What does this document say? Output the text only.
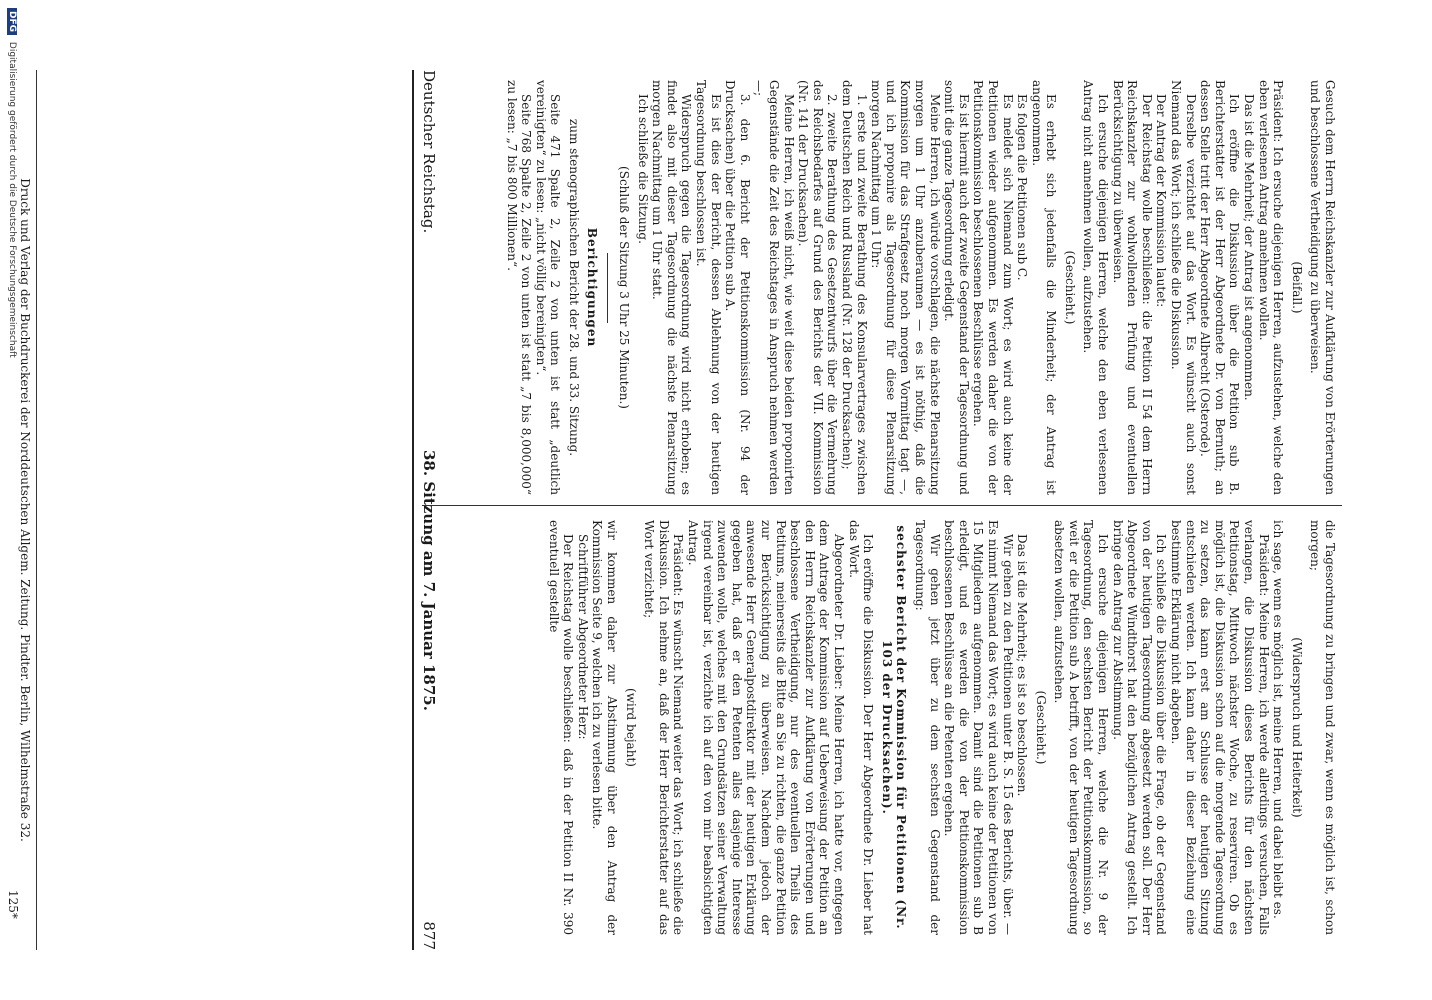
Deutscher Reichstag.
38. Sitzung am 7. Januar 1875.
877

Gesuch dem Herrn Reichskanzler zur Aufklärung von Erörterungen und beschlossene Vertheidigung zu überweisen.

(Beifall.)

Präsident: Ich ersuche diejenigen Herren, aufzustehen, welche den eben verlesenen Antrag annehmen wollen.

Das ist die Mehrheit; der Antrag ist angenommen.

Ich eröffne die Diskussion über die Petition sub B. Berichterstatter ist der Herr Abgeordnete Dr. von Bernuth; an dessen Stelle tritt der Herr Abgeordnete Albrecht (Osterode).

Derselbe verzichtet auf das Wort. Es wünscht auch sonst Niemand das Wort; ich schließe die Diskussion.

Der Antrag der Kommission lautet:

Der Reichstag wolle beschließen: die Petition II 54 dem Herrn Reichskanzler zur wohlwollenden Prüfung und eventuellen Berücksichtigung zu überweisen.

Ich ersuche diejenigen Herren, welche den eben verlesenen Antrag nicht annehmen wollen, aufzustehen.

(Geschieht.)

Es erhebt sich jedenfalls die Minderheit; der Antrag ist angenommen.

Es folgen die Petitionen sub C.

Es meldet sich Niemand zum Wort; es wird auch keine der Petitionen wieder aufgenommen. Es werden daher die von der Petitionskommission beschlossenen Beschlüsse ergehen.

Es ist hiermit auch der zweite Gegenstand der Tagesordnung und somit die ganze Tagesordnung erledigt.

Meine Herren, ich würde vorschlagen, die nächste Plenarsitzung morgen um 1 Uhr anzuberaumen — es ist nöthig, daß die Kommission für das Strafgesetz noch morgen Vormittag tagt —, und ich proponire als Tagesordnung für diese Plenarsitzung morgen Nachmittag um 1 Uhr:

1. erste und zweite Berathung des Konsularvertrages zwischen dem Deutschen Reich und Russland (Nr. 128 der Drucksachen);

2. zweite Berathung des Gesetzentwurfs über die Vermehrung des Reichsbedarfes auf Grund des Berichts der VII. Kommission (Nr. 141 der Drucksachen).

Meine Herren, ich weiß nicht, wie weit diese beiden proponirten Gegenstände die Zeit des Reichstages in Anspruch nehmen werden —;

3. den 6. Bericht der Petitionskommission (Nr. 94 der Drucksachen) über die Petition sub A.

Es ist dies der Bericht, dessen Ablehnung von der heutigen Tagesordnung beschlossen ist.

Widerspruch gegen die Tagesordnung wird nicht erhoben; es findet also mit dieser Tagesordnung die nächste Plenarsitzung morgen Nachmittag um 1 Uhr statt.

Ich schließe die Sitzung.

(Schluß der Sitzung 3 Uhr 25 Minuten.)

Berichtigungen

zum stenographischen Bericht der 28. und 33. Sitzung.

Seite 471 Spalte 2, Zeile 2 von unten ist statt „deutlich vereinigten“ zu lesen: „nicht völlig bereinigten“.

Seite 768 Spalte 2, Zeile 2 von unten ist statt „7 bis 8,000,000“ zu lesen: „7 bis 800 Millionen“.

die Tagesordnung zu bringen und zwar, wenn es möglich ist, schon morgen;

(Widerspruch und Heiterkeit)

ich sage, wenn es möglich ist, meine Herren, und dabei bleibt es.

Präsident: Meine Herren, ich werde allerdings versuchen, Falls verlangen, die Diskussion dieses Berichts für den nächsten Petitionstag, Mittwoch nächster Woche, zu reserviren. Ob es möglich ist, die Diskussion schon auf die morgende Tagesordnung zu setzen, das kann erst am Schlusse der heutigen Sitzung entschieden werden. Ich kann daher in dieser Beziehung eine bestimmte Erklärung nicht abgeben.

Ich schließe die Diskussion über die Frage, ob der Gegenstand von der heutigen Tagesordnung abgesetzt werden soll. Der Herr Abgeordnete Windthorst hat den bezüglichen Antrag gestellt. Ich bringe den Antrag zur Abstimmung.

Ich ersuche diejenigen Herren, welche die Nr. 9 der Tagesordnung, den sechsten Bericht der Petitionskommission, so weit er die Petition sub A betrifft, von der heutigen Tagesordnung absetzen wollen, aufzustehen.

(Geschieht.)

Das ist die Mehrheit; es ist so beschlossen.

Wir gehen zu den Petitionen unter B. S. 15 des Berichts, über. — Es nimmt Niemand das Wort; es wird auch keine der Petitionen von 15 Mitgliedern aufgenommen. Damit sind die Petitionen sub B erledigt, und es werden die von der Petitionskommission beschlossenen Beschlüsse an die Petenten ergehen.

Wir gehen jetzt über zu dem sechsten Gegenstand der Tagesordnung:

sechster Bericht der Kommission für Petitionen (Nr. 103 der Drucksachen).

Ich eröffne die Diskussion. Der Herr Abgeordnete Dr. Lieber hat das Wort.

Abgeordneter Dr. Lieber: Meine Herren, ich hatte vor, entgegen dem Antrage der Kommission auf Ueberweisung der Petition an den Herrn Reichskanzler zur Aufklärung von Erörterungen und beschlossene Vertheidigung, nur des eventuellen Theils des Petitums, meinerseits die Bitte an Sie zu richten, die ganze Petition zur Berücksichtigung zu überweisen. Nachdem jedoch der anwesende Herr Generalpostdirektor mit der heutigen Erklärung gegeben hat, daß er den Petenten alles dasjenige Interesse zuwenden wolle, welches mit den Grundsätzen seiner Verwaltung irgend vereinbar ist, verzichte ich auf den von mir beabsichtigten Antrag.

Präsident: Es wünscht Niemand weiter das Wort; ich schließe die Diskussion. Ich nehme an, daß der Herr Berichterstatter auf das Wort verzichtet;

(wird bejaht)

wir kommen daher zur Abstimmung über den Antrag der Kommission Seite 9, welchen ich zu verlesen bitte.

Schriftführer Abgeordneter Herz:

Der Reichstag wolle beschließen: daß in der Petition II Nr. 390 eventuell gestellte

Druck und Verlag der Buchdruckerei der Norddeutschen Allgem. Zeitung. Pindter. Berlin, Wilhelmstraße 32.
125*
DFG Digitalisierung gefördert durch die Deutsche Forschungsgemeinschaft
